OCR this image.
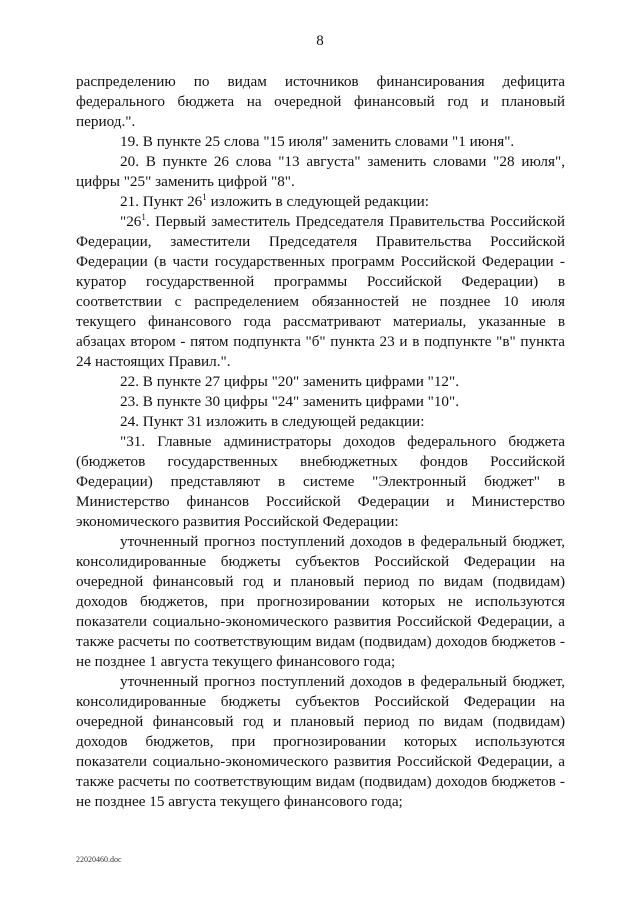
8

распределению по видам источников финансирования дефицита федерального бюджета на очередной финансовый год и плановый период.".

19. В пункте 25 слова "15 июля" заменить словами "1 июня".

20. В пункте 26 слова "13 августа" заменить словами "28 июля", цифры "25" заменить цифрой "8".

21. Пункт $26^1$ изложить в следующей редакции:

"$26^1$. Первый заместитель Председателя Правительства Российской Федерации, заместители Председателя Правительства Российской Федерации (в части государственных программ Российской Федерации - куратор государственной программы Российской Федерации) в соответствии с распределением обязанностей не позднее 10 июля текущего финансового года рассматривают материалы, указанные в абзацах втором - пятом подпункта "б" пункта 23 и в подпункте "в" пункта 24 настоящих Правил.".

22. В пункте 27 цифры "20" заменить цифрами "12".

23. В пункте 30 цифры "24" заменить цифрами "10".

24. Пункт 31 изложить в следующей редакции:

"31. Главные администраторы доходов федерального бюджета (бюджетов государственных внебюджетных фондов Российской Федерации) представляют в системе "Электронный бюджет" в Министерство финансов Российской Федерации и Министерство экономического развития Российской Федерации:

уточненный прогноз поступлений доходов в федеральный бюджет, консолидированные бюджеты субъектов Российской Федерации на очередной финансовый год и плановый период по видам (подвидам) доходов бюджетов, при прогнозировании которых не используются показатели социально-экономического развития Российской Федерации, а также расчеты по соответствующим видам (подвидам) доходов бюджетов - не позднее 1 августа текущего финансового года;

уточненный прогноз поступлений доходов в федеральный бюджет, консолидированные бюджеты субъектов Российской Федерации на очередной финансовый год и плановый период по видам (подвидам) доходов бюджетов, при прогнозировании которых используются показатели социально-экономического развития Российской Федерации, а также расчеты по соответствующим видам (подвидам) доходов бюджетов - не позднее 15 августа текущего финансового года;

22020460.doc
